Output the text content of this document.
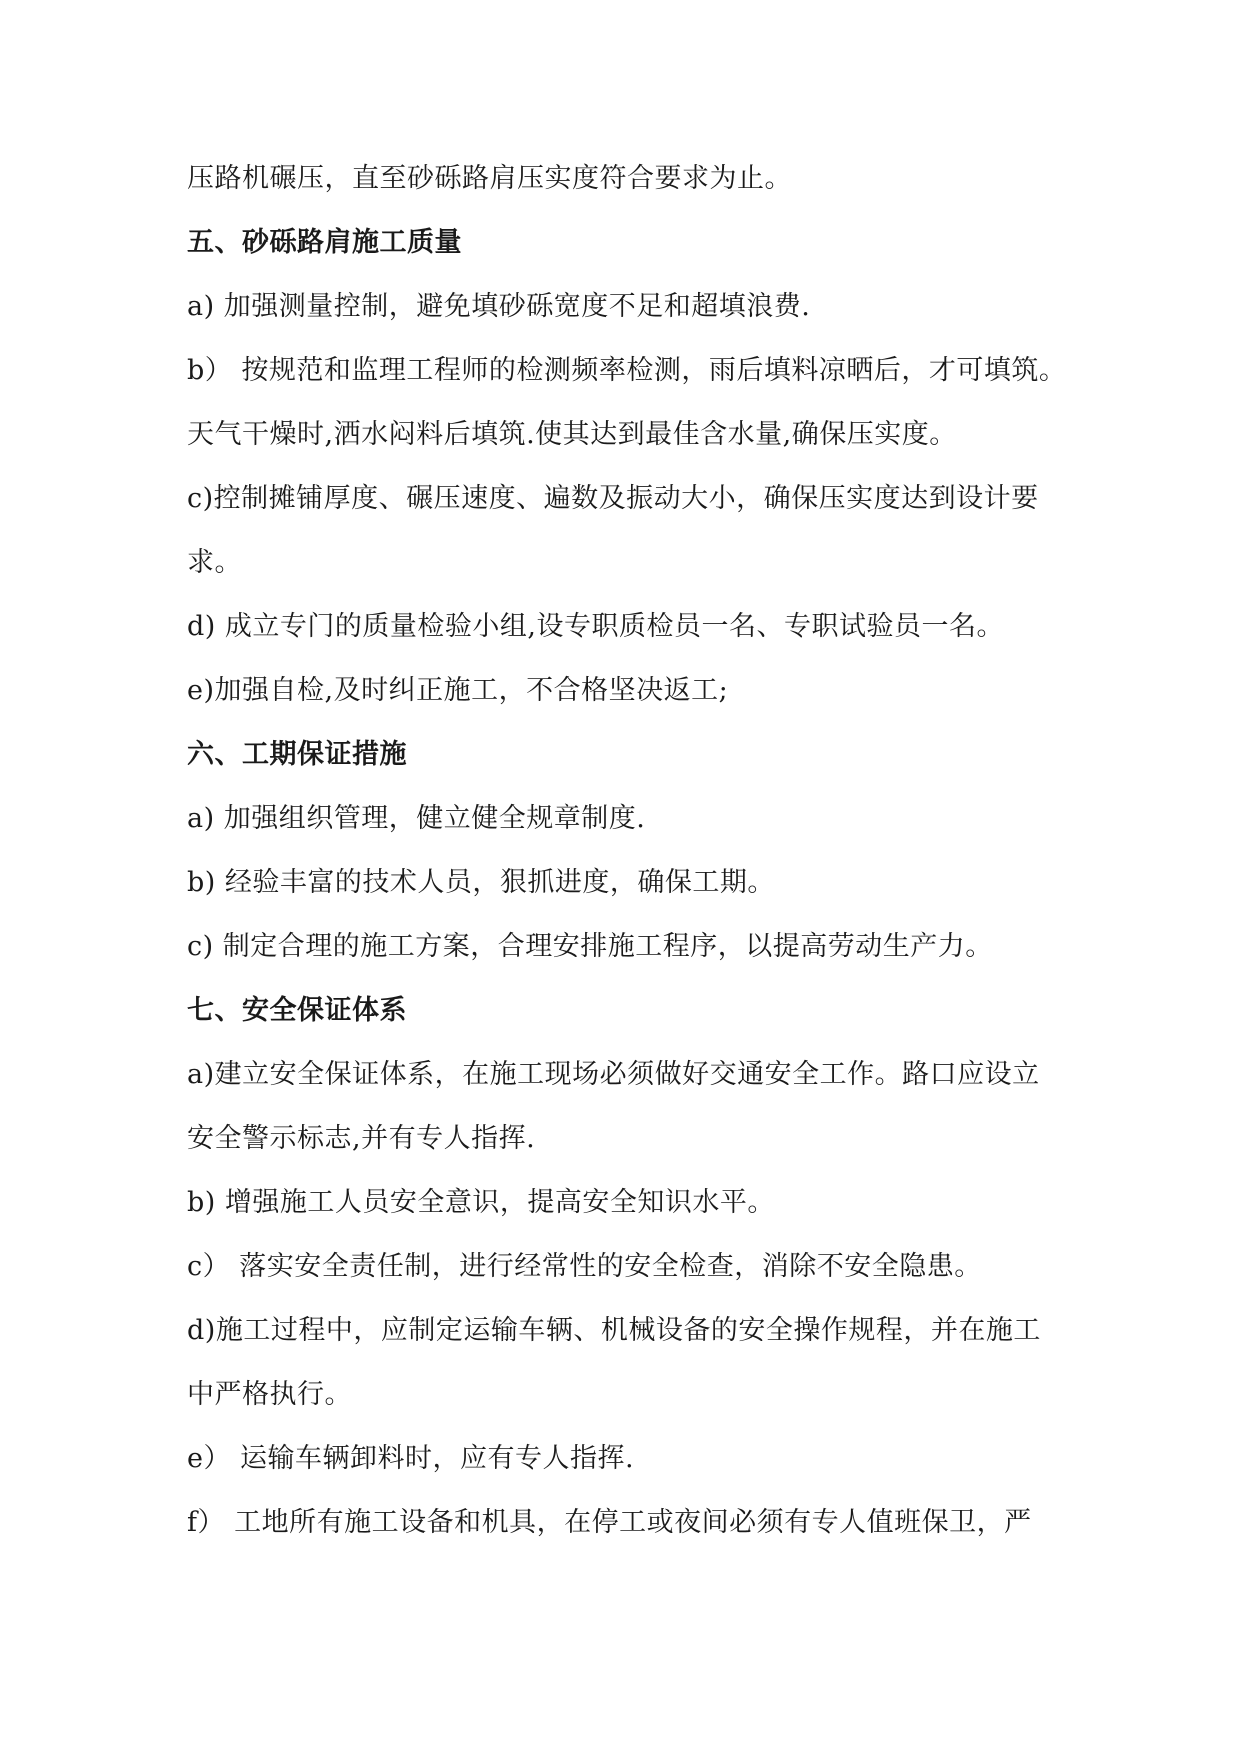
压路机碾压，直至砂砾路肩压实度符合要求为止。
五、砂砾路肩施工质量
a) 加强测量控制，避免填砂砾宽度不足和超填浪费.
b） 按规范和监理工程师的检测频率检测，雨后填料凉晒后，才可填筑。
天气干燥时,洒水闷料后填筑.使其达到最佳含水量,确保压实度。
c)控制摊铺厚度、碾压速度、遍数及振动大小，确保压实度达到设计要
求。
d) 成立专门的质量检验小组,设专职质检员一名、专职试验员一名。
e)加强自检,及时纠正施工，不合格坚决返工;
六、工期保证措施
a) 加强组织管理，健立健全规章制度.
b) 经验丰富的技术人员，狠抓进度，确保工期。
c) 制定合理的施工方案，合理安排施工程序，以提高劳动生产力。
七、安全保证体系
a)建立安全保证体系，在施工现场必须做好交通安全工作。路口应设立
安全警示标志,并有专人指挥.
b) 增强施工人员安全意识，提高安全知识水平。
c） 落实安全责任制，进行经常性的安全检查，消除不安全隐患。
d)施工过程中，应制定运输车辆、机械设备的安全操作规程，并在施工
中严格执行。
e） 运输车辆卸料时，应有专人指挥.
f） 工地所有施工设备和机具，在停工或夜间必须有专人值班保卫，严
